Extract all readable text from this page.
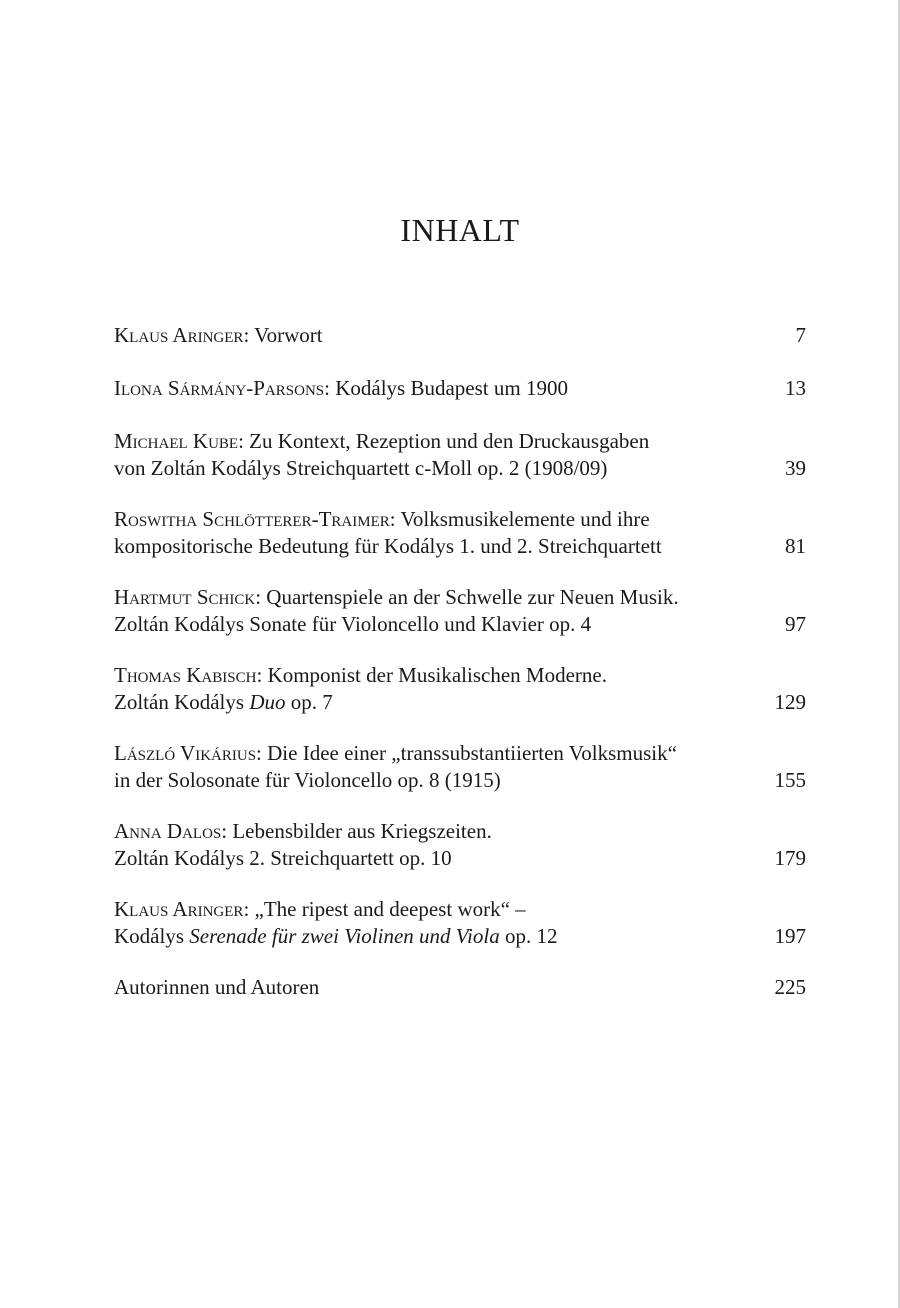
INHALT
Klaus Aringer: Vorwort	7
Ilona Sármány-Parsons: Kodálys Budapest um 1900	13
Michael Kube: Zu Kontext, Rezeption und den Druckausgaben
von Zoltán Kodálys Streichquartett c-Moll op. 2 (1908/09)	39
Roswitha Schlötterer-Traimer: Volksmusikelemente und ihre
kompositorische Bedeutung für Kodálys 1. und 2. Streichquartett	81
Hartmut Schick: Quartenspiele an der Schwelle zur Neuen Musik.
Zoltán Kodálys Sonate für Violoncello und Klavier op. 4	97
Thomas Kabisch: Komponist der Musikalischen Moderne.
Zoltán Kodálys Duo op. 7	129
László Vikárius: Die Idee einer „transsubstantiierten Volksmusik“
in der Solosonate für Violoncello op. 8 (1915)	155
Anna Dalos: Lebensbilder aus Kriegszeiten.
Zoltán Kodálys 2. Streichquartett op. 10	179
Klaus Aringer: „The ripest and deepest work“ –
Kodálys Serenade für zwei Violinen und Viola op. 12	197
Autorinnen und Autoren	225
